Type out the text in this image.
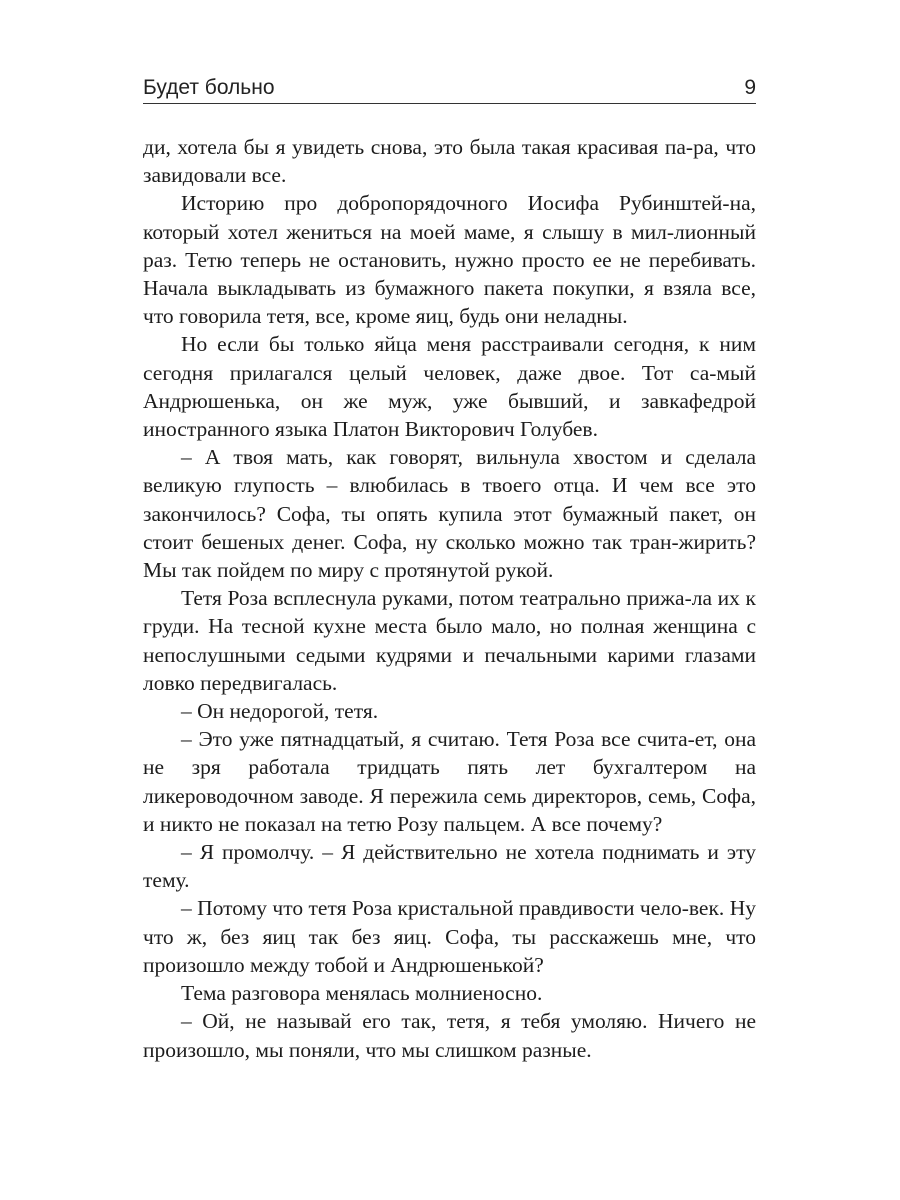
Будет больно	9

ди, хотела бы я увидеть снова, это была такая красивая па-ра, что завидовали все.

Историю про добропорядочного Иосифа Рубинштей-на, который хотел жениться на моей маме, я слышу в мил-лионный раз. Тетю теперь не остановить, нужно просто ее не перебивать. Начала выкладывать из бумажного пакета покупки, я взяла все, что говорила тетя, все, кроме яиц, будь они неладны.

Но если бы только яйца меня расстраивали сегодня, к ним сегодня прилагался целый человек, даже двое. Тот са-мый Андрюшенька, он же муж, уже бывший, и завкафедрой иностранного языка Платон Викторович Голубев.

– А твоя мать, как говорят, вильнула хвостом и сделала великую глупость – влюбилась в твоего отца. И чем все это закончилось? Софа, ты опять купила этот бумажный пакет, он стоит бешеных денег. Софа, ну сколько можно так тран-жирить? Мы так пойдем по миру с протянутой рукой.

Тетя Роза всплеснула руками, потом театрально прижа-ла их к груди. На тесной кухне места было мало, но полная женщина с непослушными седыми кудрями и печальными карими глазами ловко передвигалась.

– Он недорогой, тетя.

– Это уже пятнадцатый, я считаю. Тетя Роза все считa-ет, она не зря работала тридцать пять лет бухгалтером на ликероводочном заводе. Я пережила семь директоров, семь, Софа, и никто не показал на тетю Розу пальцем. А все почему?

– Я промолчу. – Я действительно не хотела поднимать и эту тему.

– Потому что тетя Роза кристальной правдивости чело-век. Ну что ж, без яиц так без яиц. Софа, ты расскажешь мне, что произошло между тобой и Андрюшенькой?

Тема разговора менялась молниеносно.

– Ой, не называй его так, тетя, я тебя умоляю. Ничего не произошло, мы поняли, что мы слишком разные.
